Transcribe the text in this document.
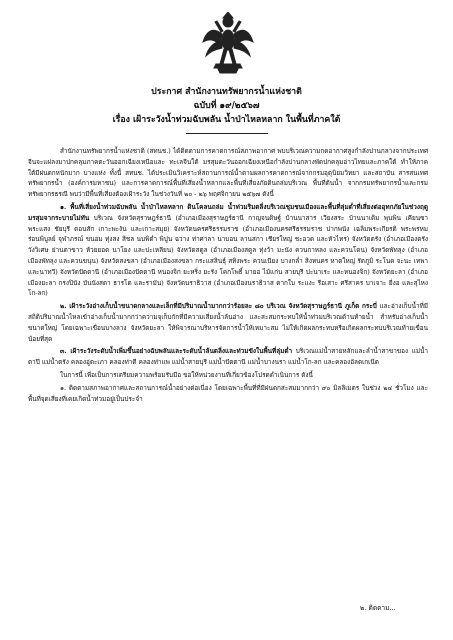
ประกาศ สำนักงานทรัพยากรน้ำแห่งชาติ
ฉบับที่ ๑๙/๒๕๖๗
เรื่อง เฝ้าระวังน้ำท่วมฉับพลัน น้ำป่าไหลหลาก ในพื้นที่ภาคใต้

สำนักงานทรัพยากรน้ำแห่งชาติ (สทนช.) ได้ติดตามการคาดการณ์สภาพอากาศ พบบริเวณความกดอากาศสูงกำลังปานกลางจากประเทศจีนจะแผ่ลงมาปกคลุมภาคตะวันออกเฉียงเหนือและ ทะเลจีนใต้ มรสุมตะวันออกเฉียงเหนือกำลังปานกลางพัดปกคลุมอ่าวไทยและภาคใต้ ทำให้ภาคใต้มีฝนตกหนักมาก บางแห่ง ทั้งนี้ สทนช. ได้ประเมินวิเคราะห์สถานการณ์น้ำตามผลการคาดการณ์จากกรมอุตุนิยมวิทยา และสถาบัน สารสนเทศทรัพยากรน้ำ (องค์การมหาชน) และการคาดการณ์พื้นที่เสี่ยงน้ำหลากและพื้นที่เสี่ยงภัยดินถล่มบริเวณ พื้นที่ต้นน้ำ จากกรมทรัพยากรน้ำและกรมทรัพยากรธรณี พบว่ามีพื้นที่เสี่ยงต้องเฝ้าระวัง ในช่วงวันที่ ๒๐ - ๒๖ พฤศจิกายน ๒๕๖๗ ดังนี้

๑. พื้นที่เสี่ยงน้ำท่วมฉับพลัน น้ำป่าไหลหลาก ดินโคลนถล่ม น้ำท่วมริมตลิ่งบริเวณชุมชนเมืองและพื้นที่ลุ่มต่ำที่เสี่ยงต่ออุทกภัยในช่วงฤดูมรสุมจากระบายไม่ทัน บริเวณ จังหวัดสุราษฎร์ธานี (อำเภอเมืองสุราษฎร์ธานี กาญจนดิษฐ์ บ้านนาสาร เวียงสระ บ้านนาเดิม พุนพิน เคียนซา พระแสง ชัยบุรี ดอนสัก เกาะพะงัน และเกาะสมุย) จังหวัดนครศรีธรรมราช (อำเภอเมืองนครศรีธรรมราช ปากพนัง เฉลิมพระเกียรติ พระพรหม ร่อนพิบูลย์ จุฬาภรณ์ ขนอม ทุ่งสง สิชล นบพิตำ พิปูน ฉวาง ท่าศาลา นาบอน ลานสกา เชียรใหญ่ ชะอวด และหัวไทร) จังหวัดตรัง (อำเภอเมืองตรัง วังวิเศษ ย่านตาขาว ห้วยยอด นาโยง และปะเหลียน) จังหวัดสตูล (อำเภอเมืองสตูล ทุ่งว้า มะนัง ควนกาหลง และควนโดน) จังหวัดพัทลุง (อำเภอเมืองพัทลุง และควนขนุน) จังหวัดสงขลา (อำเภอเมืองสงขลา กระแสสินธุ์ สทิงพระ ควนเนียง บางกล่ำ สิงหนคร หาดใหญ่ รัตภูมิ ระโนด จะนะ เทพา และนาทวี) จังหวัดปัตตานี (อำเภอเมืองปัตตานี หนองจิก ยะหริ่ง ยะรัง โคกโพธิ์ มายอ ไม้แก่น สายบุรี ปะนาเระ และหนองจิก) จังหวัดยะลา (อำเภอเมืองยะลา กรงปินัง บันนังสตา ธารโต และรามัน) จังหวัดนราธิวาส (อำเภอเมืองนราธิวาส ตากใบ ระแงะ รือเสาะ ศรีสาคร บาเจาะ ยี่งอ และสุไหงโก-ลก)

๒. เฝ้าระวังอ่างเก็บน้ำขนาดกลางและเล็กที่มีปริมาณน้ำมากกว่าร้อยละ ๘๐ บริเวณ จังหวัดสุราษฎร์ธานี ภูเก็ต กระบี่ และอ่างเก็บน้ำที่มีสถิติปริมาณน้ำไหลเข้าอ่างเก็บน้ำมากกว่าความจุเก็บกักที่มีความเสี่ยงน้ำล้นอ่าง และสะสมกระทบให้น้ำท่วมบริเวณด้านท้ายน้ำ สำหรับอ่างเก็บน้ำขนาดใหญ่ โดยเฉพาะเขื่อนบางลาง จังหวัดยะลา ให้พิจารณาบริหารจัดการน้ำให้เหมาะสม ไม่ให้เกิดผลกระทบหรือเกิดผลกระทบบริเวณท้ายเขื่อนน้อยที่สุด

๓. เฝ้าระวังระดับน้ำเพิ่มขึ้นอย่างฉับพลันและระดับน้ำล้นตลิ่งและท่วมขังในพื้นที่ลุ่มต่ำ บริเวณแม่น้ำสายหลักและลำน้ำสาขาของ แม่น้ำตาปี แม่น้ำตรัง คลองอู่ตะเภา คลองท่าดี คลองท่าแพ แม่น้ำสายบุรี แม่น้ำปัตตานี แม่น้ำบางนรา แม่น้ำโก-ลก และคลองอัลดเกเน๊ต

ในการนี้ เพื่อเป็นการเตรียมความพร้อมรับมือ ขอให้หน่วยงานที่เกี่ยวข้องโปรดดำเนินการ ดังนี้

๑. ติดตามสภาพอากาศและสถานการณ์น้ำอย่างต่อเนื่อง โดยเฉพาะพื้นที่ที่มีฝนตกสะสมมากกว่า ๙๐ มิลลิเมตร ในช่วง ๒๔ ชั่วโมง และพื้นที่จุดเสี่ยงที่เคยเกิดน้ำท่วมอยู่เป็นประจำ

๒. ติดตาม...
